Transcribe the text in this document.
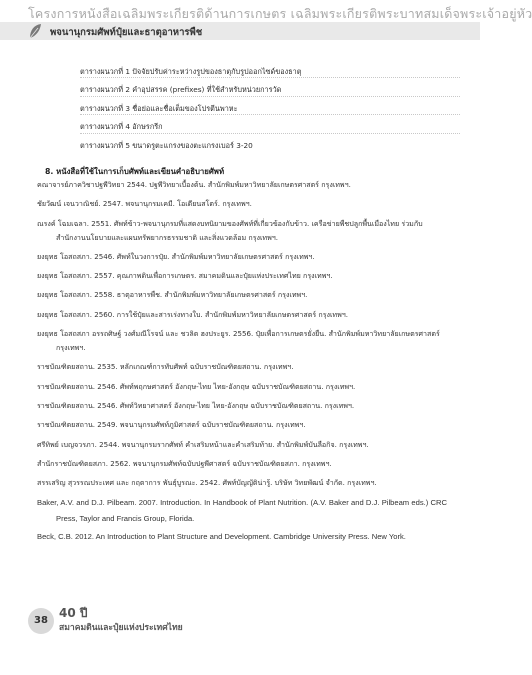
โครงการหนังสือเฉลิมพระเกียรติด้านการเกษตร เฉลิมพระเกียรติพระบาทสมเด็จพระเจ้าอยู่หัว
พจนานุกรมศัพท์ปุ๋ยและธาตุอาหารพืช
ตารางผนวกที่ 1 ปัจจัยปรับค่าระหว่างรูปของธาตุกับรูปออกไซด์ของธาตุ
ตารางผนวกที่ 2 คำอุปสรรค (prefixes) ที่ใช้สำหรับหน่วยการวัด
ตารางผนวกที่ 3 ชื่อย่อและชื่อเต็มของโปรตีนพาหะ
ตารางผนวกที่ 4 อักษรกรีก
ตารางผนวกที่ 5 ขนาดรูตะแกรงของตะแกรงเบอร์ 3-20
8. หนังสือที่ใช้ในการเก็บศัพท์และเขียนคำอธิบายศัพท์
คณาจารย์ภาควิชาปฐพีวิทยา 2544. ปฐพีวิทยาเบื้องต้น. สำนักพิมพ์มหาวิทยาลัยเกษตรศาสตร์ กรุงเทพฯ.
ชัยวัฒน์ เจนวาณิชย์. 2547. พจนานุกรมเคมี. โอเดียนสโตร์. กรุงเทพฯ.
ณรงค์ โฉมเฉลา. 2551. ศัพท์ข้าว-พจนานุกรมที่แสดงบทนิยามของศัพท์ที่เกี่ยวข้องกับข้าว. เครือข่ายพืชปลูกพื้นเมืองไทย ร่วมกับสำนักงานนโยบายและแผนทรัพยากรธรรมชาติ และสิ่งแวดล้อม กรุงเทพฯ.
ยงยุทธ โอสถสภา. 2546. ศัพท์ในวงการปุ๋ย. สำนักพิมพ์มหาวิทยาลัยเกษตรศาสตร์ กรุงเทพฯ.
ยงยุทธ โอสถสภา. 2557. คุณภาพดินเพื่อการเกษตร. สมาคมดินและปุ๋ยแห่งประเทศไทย กรุงเทพฯ.
ยงยุทธ โอสถสภา. 2558. ธาตุอาหารพืช. สำนักพิมพ์มหาวิทยาลัยเกษตรศาสตร์ กรุงเทพฯ.
ยงยุทธ โอสถสภา. 2560. การใช้ปุ๋ยและสารเร่งทางใบ. สำนักพิมพ์มหาวิทยาลัยเกษตรศาสตร์ กรุงเทพฯ.
ยงยุทธ โอสถสภา อรรถศิษฐ์ วงศ์มณีโรจน์ และ ชวลิต ฮงประยูร. 2556. ปุ๋ยเพื่อการเกษตรยั่งยืน. สำนักพิมพ์มหาวิทยาลัยเกษตรศาสตร์ กรุงเทพฯ.
ราชบัณฑิตยสถาน. 2535. หลักเกณฑ์การทับศัพท์ ฉบับราชบัณฑิตยสถาน. กรุงเทพฯ.
ราชบัณฑิตยสถาน. 2546. ศัพท์พฤกษศาสตร์ อังกฤษ-ไทย ไทย-อังกฤษ ฉบับราชบัณฑิตยสถาน. กรุงเทพฯ.
ราชบัณฑิตยสถาน. 2546. ศัพท์วิทยาศาสตร์ อังกฤษ-ไทย ไทย-อังกฤษ ฉบับราชบัณฑิตยสถาน. กรุงเทพฯ.
ราชบัณฑิตยสถาน. 2549. พจนานุกรมศัพท์ภูมิศาสตร์ ฉบับราชบัณฑิตยสถาน. กรุงเทพฯ.
ศรีทิพย์ เบญจวรภา. 2544. พจนานุกรมรากศัพท์ คำเสริมหน้าและคำเสริมท้าย. สำนักพิมพ์บันลือกิจ. กรุงเทพฯ.
สำนักราชบัณฑิตยสภา. 2562. พจนานุกรมศัพท์ฉบับปฐพีศาสตร์ ฉบับราชบัณฑิตยสภา. กรุงเทพฯ.
สรรเสริญ สุวรรณประเทศ และ กฤตาการ พันธุ์บูรณะ. 2542. ศัพท์บัญญัติน่ารู้. บริษัท วิทยพัฒน์ จำกัด. กรุงเทพฯ.
Baker, A.V. and D.J. Pilbeam. 2007. Introduction. In Handbook of Plant Nutrition. (A.V. Baker and D.J. Pilbeam eds.) CRC Press, Taylor and Francis Group, Florida.
Beck, C.B. 2012. An Introduction to Plant Structure and Development. Cambridge University Press. New York.
38
40 ปี
สมาคมดินและปุ๋ยแห่งประเทศไทย
